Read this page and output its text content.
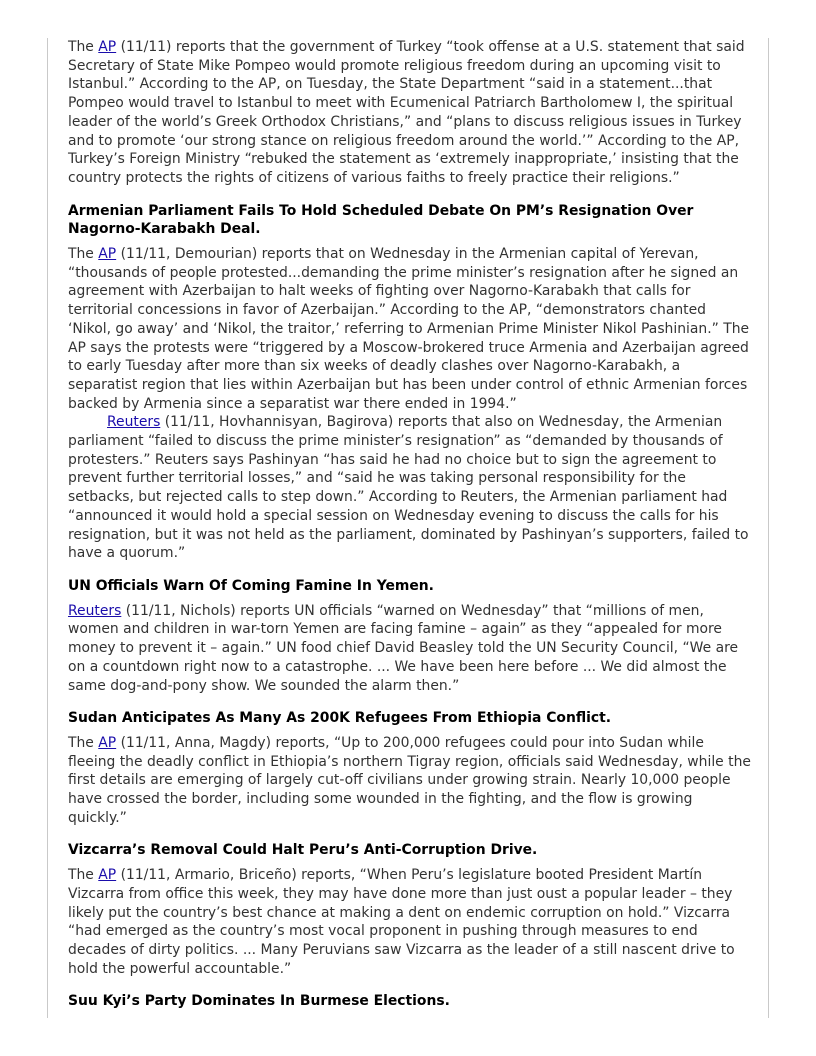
The AP (11/11) reports that the government of Turkey “took offense at a U.S. statement that said Secretary of State Mike Pompeo would promote religious freedom during an upcoming visit to Istanbul.” According to the AP, on Tuesday, the State Department “said in a statement...that Pompeo would travel to Istanbul to meet with Ecumenical Patriarch Bartholomew I, the spiritual leader of the world’s Greek Orthodox Christians,” and “plans to discuss religious issues in Turkey and to promote ‘our strong stance on religious freedom around the world.’” According to the AP, Turkey’s Foreign Ministry “rebuked the statement as ‘extremely inappropriate,’ insisting that the country protects the rights of citizens of various faiths to freely practice their religions.”

Armenian Parliament Fails To Hold Scheduled Debate On PM’s Resignation Over Nagorno-Karabakh Deal.

The AP (11/11, Demourian) reports that on Wednesday in the Armenian capital of Yerevan, “thousands of people protested...demanding the prime minister’s resignation after he signed an agreement with Azerbaijan to halt weeks of fighting over Nagorno-Karabakh that calls for territorial concessions in favor of Azerbaijan.” According to the AP, “demonstrators chanted ‘Nikol, go away’ and ‘Nikol, the traitor,’ referring to Armenian Prime Minister Nikol Pashinian.” The AP says the protests were “triggered by a Moscow-brokered truce Armenia and Azerbaijan agreed to early Tuesday after more than six weeks of deadly clashes over Nagorno-Karabakh, a separatist region that lies within Azerbaijan but has been under control of ethnic Armenian forces backed by Armenia since a separatist war there ended in 1994.”

Reuters (11/11, Hovhannisyan, Bagirova) reports that also on Wednesday, the Armenian parliament “failed to discuss the prime minister’s resignation” as “demanded by thousands of protesters.” Reuters says Pashinyan “has said he had no choice but to sign the agreement to prevent further territorial losses,” and “said he was taking personal responsibility for the setbacks, but rejected calls to step down.” According to Reuters, the Armenian parliament had “announced it would hold a special session on Wednesday evening to discuss the calls for his resignation, but it was not held as the parliament, dominated by Pashinyan’s supporters, failed to have a quorum.”

UN Officials Warn Of Coming Famine In Yemen.

Reuters (11/11, Nichols) reports UN officials “warned on Wednesday” that “millions of men, women and children in war-torn Yemen are facing famine – again” as they “appealed for more money to prevent it – again.” UN food chief David Beasley told the UN Security Council, “We are on a countdown right now to a catastrophe. ... We have been here before ... We did almost the same dog-and-pony show. We sounded the alarm then.”

Sudan Anticipates As Many As 200K Refugees From Ethiopia Conflict.

The AP (11/11, Anna, Magdy) reports, “Up to 200,000 refugees could pour into Sudan while fleeing the deadly conflict in Ethiopia’s northern Tigray region, officials said Wednesday, while the first details are emerging of largely cut-off civilians under growing strain. Nearly 10,000 people have crossed the border, including some wounded in the fighting, and the flow is growing quickly.”

Vizcarra’s Removal Could Halt Peru’s Anti-Corruption Drive.

The AP (11/11, Armario, Briceño) reports, “When Peru’s legislature booted President Martín Vizcarra from office this week, they may have done more than just oust a popular leader – they likely put the country’s best chance at making a dent on endemic corruption on hold.” Vizcarra “had emerged as the country’s most vocal proponent in pushing through measures to end decades of dirty politics. ... Many Peruvians saw Vizcarra as the leader of a still nascent drive to hold the powerful accountable.”

Suu Kyi’s Party Dominates In Burmese Elections.
